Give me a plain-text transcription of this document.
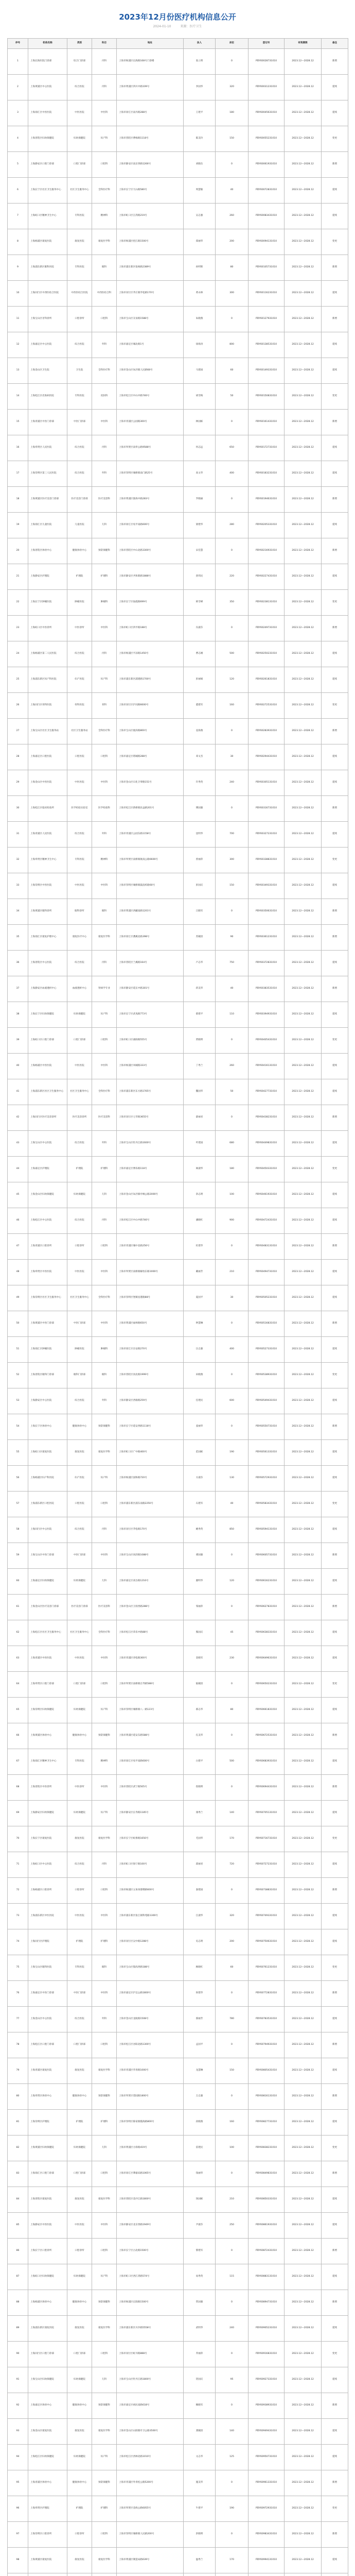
2023年12月份医疗机构信息公开
2024-01-10	来源：医疗卫生
序号	机构名称	类别	科目	地址	法人	床位	登记号	有效期限	备注
1	上海长海医院门诊部	综合门诊部	内科	上海市杨浦区长海路168号门诊楼	张立明	0	PDY60028731010	2023.12—2028.12	新增
2	上海黄浦区中心医院	综合医院	内科	上海市黄浦区四川中路109号	李国华	320	PDY60031231010	2023.12—2028.12	延续
3	上海徐汇区中医医院	中医医院	中医科	上海市徐汇区南丹路288号	王建平	180	PDY60045631010	2023.12—2028.12	延续
4	上海普陀区妇幼保健院	妇幼保健院	妇产科	上海市普陀区曹杨路1118号	陈美玲	150	PDY60055231010	2023.12—2028.12	变更
5	上海静安区口腔门诊部	口腔门诊部	口腔科	上海市静安区南京西路1266号	刘晓东	0	PDY60061931010	2023.12—2028.12	新增
6	上海长宁区社区卫生服务中心	社区卫生服务中心	全科医疗科	上海市长宁区天山路580号	周慧敏	40	PDY60072831010	2023.12—2028.12	延续
7	上海虹口区精神卫生中心	专科医院	精神科	上海市虹口区江湾路219号	吴志强	260	PDY60083431010	2023.12—2028.12	延续
8	上海杨浦区康复医院	康复医院	康复医学科	上海市杨浦区控江路1500号	郑丽华	200	PDY60094131010	2023.12—2028.12	变更
9	上海浦东新区眼科医院	专科医院	眼科	上海市浦东新区张杨路2389号	孙明辉	80	PDY60105731010	2023.12—2028.12	新增
10	上海闵行区中西医结合医院	中西医结合医院	中西医结合科	上海市闵行区莘庄镇莘松路170号	黄永林	300	PDY60116231010	2023.12—2028.12	延续
11	上海宝山区牙科诊所	口腔诊所	口腔科	上海市宝山区友谊路1588号	朱晓燕	0	PDY60127931010	2023.12—2028.12	新增
12	上海嘉定区中心医院	综合医院	外科	上海市嘉定区城北路1号	徐海涛	800	PDY60138531010	2023.12—2028.12	延续
13	上海金山区卫生院	卫生院	全科医疗科	上海市金山区朱泾镇人民路68号	马建国	60	PDY60149331010	2023.12—2028.12	延续
14	上海松江区皮肤病医院	专科医院	皮肤科	上海市松江区中山中路746号	胡雪梅	50	PDY60150831010	2023.12—2028.12	变更
15	上海青浦区中医门诊部	中医门诊部	中医科	上海市青浦区公园路300号	林国栋	0	PDY60161431010	2023.12—2028.12	新增
16	上海奉贤区人民医院	综合医院	内科	上海市奉贤区南奉公路9588号	何志远	650	PDY60172731010	2023.12—2028.12	延续
17	上海崇明区第三人民医院	综合医院	外科	上海市崇明区城桥镇南门路25号	高文华	400	PDY60183231010	2023.12—2028.12	延续
18	上海黄浦区医疗美容门诊部	医疗美容门诊部	医疗美容科	上海市黄浦区淮海中路283号	罗晓丽	0	PDY60194631010	2023.12—2028.12	新增
19	上海徐汇区儿童医院	儿童医院	儿科	上海市徐汇区宛平南路600号	梁建华	280	PDY60205331010	2023.12—2028.12	延续
20	上海普陀区体检中心	健康体检中心	预防保健科	上海市普陀区中山北路3300号	宋佳慧	0	PDY60216931010	2023.12—2028.12	新增
21	上海静安区护理院	护理院	护理科	上海市静安区共和新路1888号	唐伟民	220	PDY60227431010	2023.12—2028.12	延续
22	上海长宁区肿瘤医院	肿瘤医院	肿瘤科	上海市长宁区仙霞路699号	韩雪峰	350	PDY60238131010	2023.12—2028.12	变更
23	上海虹口区中医诊所	中医诊所	中医科	上海市虹口区四平路188号	冯淑芬	0	PDY60249731010	2023.12—2028.12	新增
24	上海杨浦区第二人民医院	综合医院	内科	上海市杨浦区平凉路1450号	曹志刚	500	PDY60250231010	2023.12—2028.12	延续
25	上海浦东新区妇产科医院	妇产医院	妇产科	上海市浦东新区浦建路1700号	彭丽娟	120	PDY60261831010	2023.12—2028.12	延续
26	上海闵行区骨科医院	骨科医院	骨科	上海市闵行区沪闵路6600号	董建军	160	PDY60272531010	2023.12—2028.12	变更
27	上海宝山区社区卫生服务站	社区卫生服务站	全科医疗科	上海市宝山区淞滨路800号	袁海燕	0	PDY60283931010	2023.12—2028.12	新增
28	上海嘉定区口腔医院	口腔医院	口腔科	上海市嘉定区塔城路288号	邓文杰	30	PDY60294431010	2023.12—2028.12	延续
29	上海金山区中医医院	中医医院	中医科	上海市金山区石化卫零路151号	许秀英	240	PDY60305131010	2023.12—2028.12	延续
30	上海松江区临床检验所	医学检验实验室	医学检验科	上海市松江区新桥镇民益路201号	傅国强	0	PDY60316731010	2023.12—2028.12	新增
31	上海青浦区人民医院	综合医院	外科	上海市青浦区公园东路1158号	沈明华	700	PDY60327231010	2023.12—2028.12	延续
32	上海奉贤区精神卫生中心	专科医院	精神科	上海市奉贤区南桥镇航南公路6600号	曾丽萍	300	PDY60338831010	2023.12—2028.12	变更
33	上海崇明区中医医院	中医医院	中医科	上海市崇明区城桥镇鼓浪屿路60号	彭国庆	150	PDY60349331010	2023.12—2028.12	延续
34	上海黄浦区眼科诊所	眼科诊所	眼科	上海市黄浦区西藏南路1201号	吕晓军	0	PDY60350631010	2023.12—2028.12	新增
35	上海徐汇区康复护理中心	康复医疗中心	康复医学科	上海市徐汇区漕溪北路398号	苏婉清	90	PDY60361231010	2023.12—2028.12	新增
36	上海普陀区中心医院	综合医院	内科	上海市普陀区兰溪路164号	卢志华	750	PDY60372831010	2023.12—2028.12	延续
37	上海静安区血液透析中心	血液透析中心	肾病学专业	上海市静安区延长中路301号	蒋美华	40	PDY60383531010	2023.12—2028.12	新增
38	上海长宁区妇幼保健院	妇幼保健院	妇产科	上海市长宁区武夷路773号	蔡建平	110	PDY60394931010	2023.12—2028.12	延续
39	上海虹口区口腔门诊部	口腔门诊部	口腔科	上海市虹口区曲阳路555号	贾晓明	0	PDY60405431010	2023.12—2028.12	变更
40	上海杨浦区中医医院	中医医院	中医科	上海市杨浦区凤城路333号	丁秀兰	260	PDY60416131010	2023.12—2028.12	延续
41	上海浦东新区社区卫生服务中心	社区卫生服务中心	全科医疗科	上海市浦东新区东方路1765号	魏国华	50	PDY60427731010	2023.12—2028.12	延续
42	上海闵行区医疗美容诊所	医疗美容诊所	医疗美容科	上海市闵行区七莘路3655号	薛丽君	0	PDY60438231010	2023.12—2028.12	新增
43	上海宝山区中心医院	综合医院	外科	上海市宝山区牡丹江路1600号	叶建国	680	PDY60449831010	2023.12—2028.12	延续
44	上海嘉定区护理院	护理院	护理科	上海市嘉定区博乐路118号	阎淑华	180	PDY60450331010	2023.12—2028.12	变更
45	上海金山区妇幼保健院	妇幼保健院	儿科	上海市金山区朱泾镇亭枫公路2000号	余志明	100	PDY60461931010	2023.12—2028.12	延续
46	上海松江区中心医院	综合医院	内科	上海市松江区中山中路746号	潘晓红	900	PDY60472431010	2023.12—2028.12	延续
47	上海青浦区口腔诊所	口腔诊所	口腔科	上海市青浦区城中北路256号	杜建华	0	PDY60483131010	2023.12—2028.12	新增
48	上海奉贤区中医医院	中医医院	中医科	上海市奉贤区南桥镇解放东路1000号	戴丽芳	210	PDY60494731010	2023.12—2028.12	延续
49	上海崇明区社区卫生服务中心	社区卫生服务中心	全科医疗科	上海市崇明区堡镇星港路88号	夏国平	30	PDY60505231010	2023.12—2028.12	延续
50	上海黄浦区中医门诊部	中医门诊部	中医科	上海市黄浦区福州路650号	钟慧琳	0	PDY60516831010	2023.12—2028.12	新增
51	上海徐汇区肿瘤医院	肿瘤医院	肿瘤科	上海市徐汇区东安路270号	汪志强	400	PDY60527331010	2023.12—2028.12	延续
52	上海普陀区眼科门诊部	眼科门诊部	眼科	上海市普陀区真北路1999号	田晓燕	0	PDY60538931010	2023.12—2028.12	变更
53	上海静安区中心医院	综合医院	外科	上海市静安区西康路259号	任建民	600	PDY60549431010	2023.12—2028.12	延续
54	上海长宁区体检中心	健康体检中心	预防保健科	上海市长宁区延安西路1118号	姜丽华	0	PDY60550731010	2023.12—2028.12	新增
55	上海虹口区康复医院	康复医院	康复医学科	上海市虹口区广中路400号	范国栋	190	PDY60561331010	2023.12—2028.12	延续
56	上海杨浦区妇产科医院	妇产医院	妇产科	上海市杨浦区国和路720号	方淑芬	130	PDY60572931010	2023.12—2028.12	延续
57	上海浦东新区口腔医院	口腔医院	口腔科	上海市浦东新区浦东南路2250号	石建军	40	PDY60583431010	2023.12—2028.12	变更
58	上海闵行区中心医院	综合医院	内科	上海市闵行区莘松路170号	姚秀英	850	PDY60594131010	2023.12—2028.12	延续
59	上海宝山区中医门诊部	中医门诊部	中医科	上海市宝山区同济路1088号	谭国强	0	PDY60605731010	2023.12—2028.12	新增
60	上海嘉定区妇幼保健院	妇幼保健院	儿科	上海市嘉定区高台路1216号	廖明华	120	PDY60616231010	2023.12—2028.12	延续
61	上海金山区医疗美容门诊部	医疗美容门诊部	医疗美容科	上海市金山区卫清西路288号	邹丽萍	0	PDY60627831010	2023.12—2028.12	新增
62	上海松江区社区卫生服务中心	社区卫生服务中心	全科医疗科	上海市松江区荣乐中路88号	熊国庆	45	PDY60638331010	2023.12—2028.12	延续
63	上海青浦区中医医院	中医医院	中医科	上海市青浦区青松路300号	金晓军	230	PDY60649631010	2023.12—2028.12	延续
64	上海奉贤区口腔门诊部	口腔门诊部	口腔科	上海市奉贤区南桥镇百齐路588号	陆婉清	0	PDY60650231010	2023.12—2028.12	变更
65	上海崇明区妇幼保健院	妇幼保健院	妇产科	上海市崇明区城桥镇八一路123号	郝志华	80	PDY60661831010	2023.12—2028.12	延续
66	上海黄浦区体检中心	健康体检中心	预防保健科	上海市黄浦区延安东路588号	孔美华	0	PDY60672531010	2023.12—2028.12	新增
67	上海徐汇区精神卫生中心	专科医院	精神科	上海市徐汇区宛平南路600号	白建平	500	PDY60683931010	2023.12—2028.12	延续
68	上海普陀区中医诊所	中医诊所	中医科	上海市普陀区武宁路505号	崔晓明	0	PDY60694431010	2023.12—2028.12	新增
69	上海静安区妇幼保健院	妇幼保健院	妇产科	上海市静安区长寿路1185号	康秀兰	140	PDY60705131010	2023.12—2028.12	延续
70	上海长宁区康复医院	康复医院	康复医学科	上海市长宁区虹桥路1650号	毛国华	170	PDY60716731010	2023.12—2028.12	变更
71	上海虹口区中心医院	综合医院	内科	上海市虹口区海宁路100号	邱丽君	720	PDY60727231010	2023.12—2028.12	延续
72	上海杨浦区口腔诊所	口腔诊所	口腔科	上海市杨浦区五角场邯郸路600号	秦建国	0	PDY60738831010	2023.12—2028.12	新增
73	上海浦东新区中医医院	中医医院	中医科	上海市浦东新区张江镇科苑路1300号	江淑华	320	PDY60749331010	2023.12—2028.12	延续
74	上海闵行区护理院	护理院	护理科	上海市闵行区吴中路1288号	史志明	200	PDY60750631010	2023.12—2028.12	延续
75	上海宝山区眼科医院	专科医院	眼科	上海市宝山区殷高西路188号	顾晓红	60	PDY60761231010	2023.12—2028.12	变更
76	上海嘉定区中医门诊部	中医门诊部	中医科	上海市嘉定区沪宜公路1800号	侯建华	0	PDY60772831010	2023.12—2028.12	新增
77	上海金山区中心医院	综合医院	外科	上海市金山区龙航路1508号	邵丽芳	780	PDY60783531010	2023.12—2028.12	延续
78	上海松江区口腔门诊部	口腔门诊部	口腔科	上海市松江区谷阳北路1300号	孟国平	0	PDY60794931010	2023.12—2028.12	新增
79	上海青浦区康复医院	康复医院	康复医学科	上海市青浦区华青路1000号	龙慧琳	150	PDY60805431010	2023.12—2028.12	延续
80	上海奉贤区体检中心	健康体检中心	预防保健科	上海市奉贤区望园路1800号	万志强	0	PDY60816131010	2023.12—2028.12	新增
81	上海崇明区护理院	护理院	护理科	上海市崇明区陈家镇揽海路800号	段晓燕	160	PDY60827731010	2023.12—2028.12	延续
82	上海黄浦区妇幼保健院	妇幼保健院	儿科	上海市黄浦区方斜路419号	雷建民	100	PDY60838231010	2023.12—2028.12	变更
83	上海徐汇区口腔门诊部	口腔门诊部	口腔科	上海市徐汇区肇嘉浜路1065号	钱丽华	0	PDY60849831010	2023.12—2028.12	新增
84	上海普陀区康复医院	康复医院	康复医学科	上海市普陀区金沙江路1800号	汤国栋	210	PDY60850331010	2023.12—2028.12	延续
85	上海静安区中医医院	中医医院	中医科	上海市静安区北京西路1949号	尹淑芬	250	PDY60861931010	2023.12—2028.12	延续
86	上海长宁区口腔诊所	口腔诊所	口腔科	上海市长宁区古北路1500号	黎建军	0	PDY60872431010	2023.12—2028.12	新增
87	上海虹口区妇幼保健院	妇幼保健院	妇产科	上海市虹口区西江湾路574号	易秀英	115	PDY60883131010	2023.12—2028.12	延续
88	上海杨浦区体检中心	健康体检中心	预防保健科	上海市杨浦区长阳路1500号	常国强	0	PDY60894731010	2023.12—2028.12	新增
89	上海浦东新区康复医院	康复医院	康复医学科	上海市浦东新区川沙路5558号	武明华	240	PDY60905231010	2023.12—2028.12	延续
90	上海闵行区口腔门诊部	口腔门诊部	口腔科	上海市闵行区虹井路888号	乔丽萍	0	PDY60916831010	2023.12—2028.12	变更
91	上海宝山区妇幼保健院	妇幼保健院	儿科	上海市宝山区牡丹江路1800号	贺国庆	95	PDY60927331010	2023.12—2028.12	延续
92	上海嘉定区体检中心	健康体检中心	预防保健科	上海市嘉定区裕民南路618号	赖晓军	0	PDY60938931010	2023.12—2028.12	新增
93	上海金山区康复医院	康复医院	康复医学科	上海市金山区山阳镇亭卫公路3500号	龚婉清	140	PDY60949431010	2023.12—2028.12	延续
94	上海松江区妇幼保健院	妇幼保健院	妇产科	上海市松江区西林北路1010号	文志华	125	PDY60950731010	2023.12—2028.12	延续
95	上海青浦区体检中心	健康体检中心	预防保健科	上海市青浦区外青松公路5200号	施美华	0	PDY60961331010	2023.12—2028.12	新增
96	上海奉贤区护理院	护理院	护理科	上海市奉贤区金海公路6055号	牛建平	190	PDY60972931010	2023.12—2028.12	变更
97	上海崇明区口腔诊所	口腔诊所	口腔科	上海市崇明区城桥镇人民路200号	洪晓明	0	PDY60983431010	2023.12—2028.12	新增
98	上海黄浦区康复医院	康复医院	康复医学科	上海市黄浦区制造局路639号	温秀兰	170	PDY60994131010	2023.12—2028.12	延续
